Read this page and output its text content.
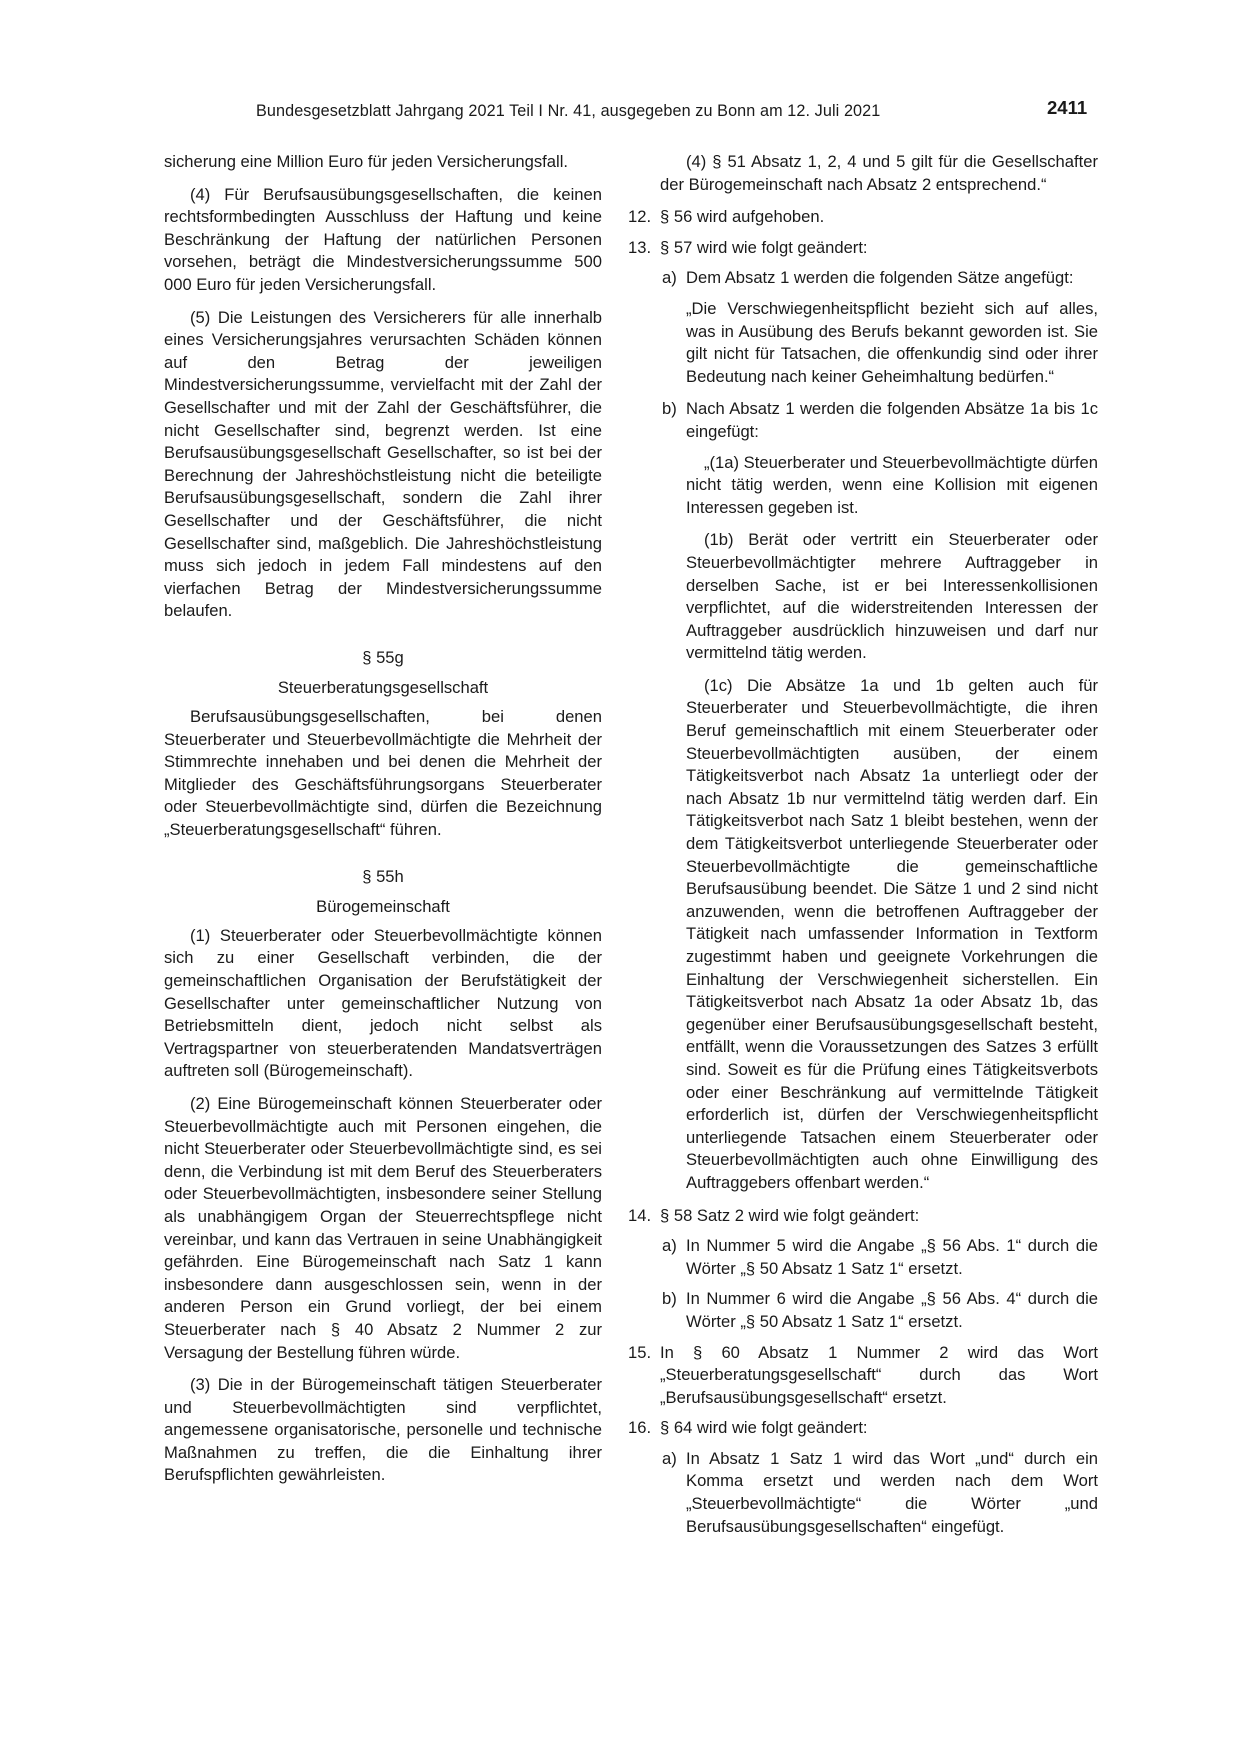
Bundesgesetzblatt Jahrgang 2021 Teil I Nr. 41, ausgegeben zu Bonn am 12. Juli 2021	2411

sicherung eine Million Euro für jeden Versicherungsfall.

(4) Für Berufsausübungsgesellschaften, die keinen rechtsformbedingten Ausschluss der Haftung und keine Beschränkung der Haftung der natürlichen Personen vorsehen, beträgt die Mindestversicherungssumme 500 000 Euro für jeden Versicherungsfall.

(5) Die Leistungen des Versicherers für alle innerhalb eines Versicherungsjahres verursachten Schäden können auf den Betrag der jeweiligen Mindestversicherungssumme, vervielfacht mit der Zahl der Gesellschafter und mit der Zahl der Geschäftsführer, die nicht Gesellschafter sind, begrenzt werden. Ist eine Berufsausübungsgesellschaft Gesellschafter, so ist bei der Berechnung der Jahreshöchstleistung nicht die beteiligte Berufsausübungsgesellschaft, sondern die Zahl ihrer Gesellschafter und der Geschäftsführer, die nicht Gesellschafter sind, maßgeblich. Die Jahreshöchstleistung muss sich jedoch in jedem Fall mindestens auf den vierfachen Betrag der Mindestversicherungssumme belaufen.

§ 55g

Steuerberatungsgesellschaft

Berufsausübungsgesellschaften, bei denen Steuerberater und Steuerbevollmächtigte die Mehrheit der Stimmrechte innehaben und bei denen die Mehrheit der Mitglieder des Geschäftsführungsorgans Steuerberater oder Steuerbevollmächtigte sind, dürfen die Bezeichnung „Steuerberatungsgesellschaft“ führen.

§ 55h

Bürogemeinschaft

(1) Steuerberater oder Steuerbevollmächtigte können sich zu einer Gesellschaft verbinden, die der gemeinschaftlichen Organisation der Berufstätigkeit der Gesellschafter unter gemeinschaftlicher Nutzung von Betriebsmitteln dient, jedoch nicht selbst als Vertragspartner von steuerberatenden Mandatsverträgen auftreten soll (Bürogemeinschaft).

(2) Eine Bürogemeinschaft können Steuerberater oder Steuerbevollmächtigte auch mit Personen eingehen, die nicht Steuerberater oder Steuerbevollmächtigte sind, es sei denn, die Verbindung ist mit dem Beruf des Steuerberaters oder Steuerbevollmächtigten, insbesondere seiner Stellung als unabhängigem Organ der Steuerrechtspflege nicht vereinbar, und kann das Vertrauen in seine Unabhängigkeit gefährden. Eine Bürogemeinschaft nach Satz 1 kann insbesondere dann ausgeschlossen sein, wenn in der anderen Person ein Grund vorliegt, der bei einem Steuerberater nach § 40 Absatz 2 Nummer 2 zur Versagung der Bestellung führen würde.

(3) Die in der Bürogemeinschaft tätigen Steuerberater und Steuerbevollmächtigten sind verpflichtet, angemessene organisatorische, personelle und technische Maßnahmen zu treffen, die die Einhaltung ihrer Berufspflichten gewährleisten.

(4) § 51 Absatz 1, 2, 4 und 5 gilt für die Gesellschafter der Bürogemeinschaft nach Absatz 2 entsprechend.“

12. § 56 wird aufgehoben.
13. § 57 wird wie folgt geändert:
a) Dem Absatz 1 werden die folgenden Sätze angefügt:

„Die Verschwiegenheitspflicht bezieht sich auf alles, was in Ausübung des Berufs bekannt geworden ist. Sie gilt nicht für Tatsachen, die offenkundig sind oder ihrer Bedeutung nach keiner Geheimhaltung bedürfen.“

b) Nach Absatz 1 werden die folgenden Absätze 1a bis 1c eingefügt:

„(1a) Steuerberater und Steuerbevollmächtigte dürfen nicht tätig werden, wenn eine Kollision mit eigenen Interessen gegeben ist.

(1b) Berät oder vertritt ein Steuerberater oder Steuerbevollmächtigter mehrere Auftraggeber in derselben Sache, ist er bei Interessenkollisionen verpflichtet, auf die widerstreitenden Interessen der Auftraggeber ausdrücklich hinzuweisen und darf nur vermittelnd tätig werden.

(1c) Die Absätze 1a und 1b gelten auch für Steuerberater und Steuerbevollmächtigte, die ihren Beruf gemeinschaftlich mit einem Steuerberater oder Steuerbevollmächtigten ausüben, der einem Tätigkeitsverbot nach Absatz 1a unterliegt oder der nach Absatz 1b nur vermittelnd tätig werden darf. Ein Tätigkeitsverbot nach Satz 1 bleibt bestehen, wenn der dem Tätigkeitsverbot unterliegende Steuerberater oder Steuerbevollmächtigte die gemeinschaftliche Berufsausübung beendet. Die Sätze 1 und 2 sind nicht anzuwenden, wenn die betroffenen Auftraggeber der Tätigkeit nach umfassender Information in Textform zugestimmt haben und geeignete Vorkehrungen die Einhaltung der Verschwiegenheit sicherstellen. Ein Tätigkeitsverbot nach Absatz 1a oder Absatz 1b, das gegenüber einer Berufsausübungsgesellschaft besteht, entfällt, wenn die Voraussetzungen des Satzes 3 erfüllt sind. Soweit es für die Prüfung eines Tätigkeitsverbots oder einer Beschränkung auf vermittelnde Tätigkeit erforderlich ist, dürfen der Verschwiegenheitspflicht unterliegende Tatsachen einem Steuerberater oder Steuerbevollmächtigten auch ohne Einwilligung des Auftraggebers offenbart werden.“

14. § 58 Satz 2 wird wie folgt geändert:
a) In Nummer 5 wird die Angabe „§ 56 Abs. 1“ durch die Wörter „§ 50 Absatz 1 Satz 1“ ersetzt.
b) In Nummer 6 wird die Angabe „§ 56 Abs. 4“ durch die Wörter „§ 50 Absatz 1 Satz 1“ ersetzt.
15. In § 60 Absatz 1 Nummer 2 wird das Wort „Steuerberatungsgesellschaft“ durch das Wort „Berufsausübungsgesellschaft“ ersetzt.
16. § 64 wird wie folgt geändert:
a) In Absatz 1 Satz 1 wird das Wort „und“ durch ein Komma ersetzt und werden nach dem Wort „Steuerbevollmächtigte“ die Wörter „und Berufsausübungsgesellschaften“ eingefügt.
